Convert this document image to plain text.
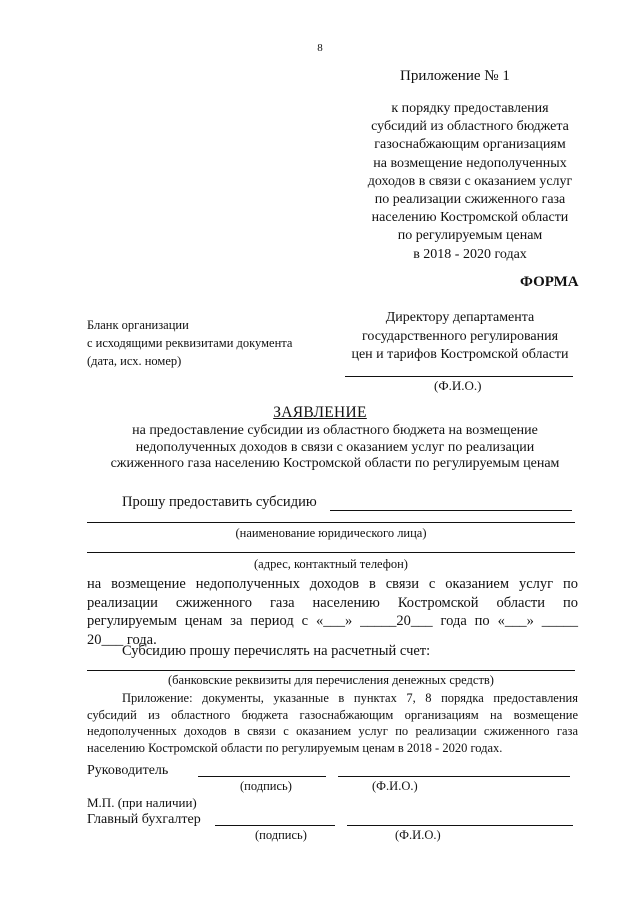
8
Приложение № 1
к порядку предоставления
субсидий из областного бюджета
газоснабжающим организациям
на возмещение недополученных
доходов в связи с оказанием услуг
по реализации сжиженного газа
населению Костромской области
по регулируемым ценам
в 2018 - 2020 годах
ФОРМА
Бланк организации
с исходящими реквизитами документа
(дата, исх. номер)
Директору департамента
государственного регулирования
цен и тарифов Костромской области
(Ф.И.О.)
ЗАЯВЛЕНИЕ
на предоставление субсидии из областного бюджета на возмещение
недополученных доходов в связи с оказанием услуг по реализации
сжиженного газа населению Костромской области по регулируемым ценам
Прошу предоставить субсидию
(наименование юридического лица)
(адрес, контактный телефон)
на возмещение недополученных доходов в связи с оказанием услуг по
реализации сжиженного газа населению Костромской области по
регулируемым ценам за период с «___» _____20___ года по «___» _____
20___ года.
Субсидию прошу перечислять на расчетный счет:
(банковские реквизиты для перечисления денежных средств)
Приложение: документы, указанные в пунктах 7, 8 порядка предоставления
субсидий из областного бюджета газоснабжающим организациям на возмещение
недополученных доходов в связи с оказанием услуг по реализации сжиженного газа
населению Костромской области по регулируемым ценам в 2018 - 2020 годах.
Руководитель
(подпись)	(Ф.И.О.)
М.П. (при наличии)
Главный бухгалтер
(подпись)	(Ф.И.О.)
